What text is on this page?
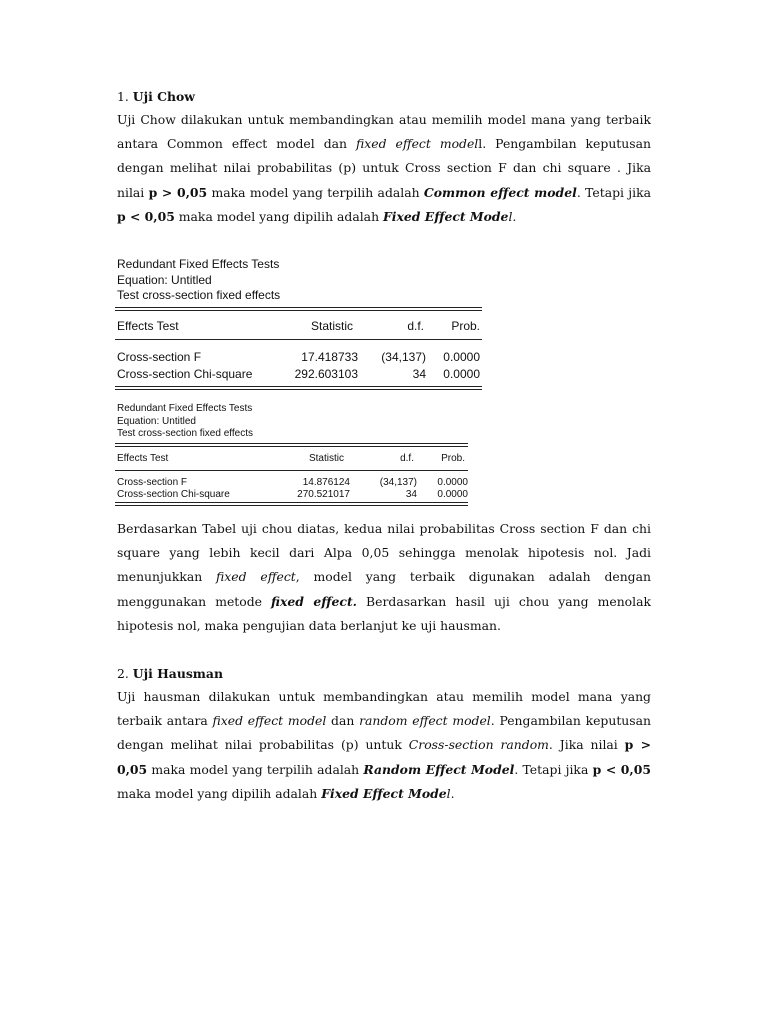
1. Uji Chow

Uji Chow dilakukan untuk membandingkan atau memilih model mana yang terbaik antara Common effect model dan fixed effect modell. Pengambilan keputusan dengan melihat nilai probabilitas (p) untuk Cross section F dan chi square . Jika nilai p > 0,05 maka model yang terpilih adalah Common effect model. Tetapi jika p < 0,05 maka model yang dipilih adalah Fixed Effect Model.

Redundant Fixed Effects Tests
Equation: Untitled
Test cross-section fixed effects
Effects Test	Statistic	d.f.	Prob.
Cross-section F	17.418733	(34,137)	0.0000
Cross-section Chi-square	292.603103	34	0.0000
Redundant Fixed Effects Tests
Equation: Untitled
Test cross-section fixed effects
Effects Test	Statistic	d.f.	Prob.
Cross-section F	14.876124	(34,137)	0.0000
Cross-section Chi-square	270.521017	34	0.0000

Berdasarkan Tabel uji chou diatas, kedua nilai probabilitas Cross section F dan chi square yang lebih kecil dari Alpa 0,05 sehingga menolak hipotesis nol. Jadi menunjukkan fixed effect, model yang terbaik digunakan adalah dengan menggunakan metode fixed effect. Berdasarkan hasil uji chou yang menolak hipotesis nol, maka pengujian data berlanjut ke uji hausman.

2. Uji Hausman

Uji hausman dilakukan untuk membandingkan atau memilih model mana yang terbaik antara fixed effect model dan random effect model. Pengambilan keputusan dengan melihat nilai probabilitas (p) untuk Cross-section random. Jika nilai p > 0,05 maka model yang terpilih adalah Random Effect Model. Tetapi jika p < 0,05 maka model yang dipilih adalah Fixed Effect Model.
